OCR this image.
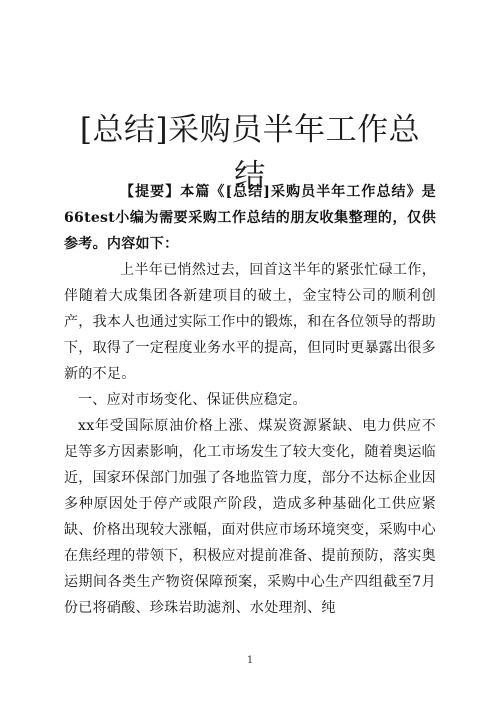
[总结]采购员半年工作总结

【提要】本篇《[总结]采购员半年工作总结》是66test小编为需要采购工作总结的朋友收集整理的，仅供参考。内容如下：

上半年已悄然过去，回首这半年的紧张忙碌工作，伴随着大成集团各新建项目的破土，金宝特公司的顺利创产，我本人也通过实际工作中的锻炼，和在各位领导的帮助下，取得了一定程度业务水平的提高，但同时更暴露出很多新的不足。

一、应对市场变化、保证供应稳定。

xx年受国际原油价格上涨、煤炭资源紧缺、电力供应不足等多方因素影响，化工市场发生了较大变化，随着奥运临近，国家环保部门加强了各地监管力度，部分不达标企业因多种原因处于停产或限产阶段，造成多种基础化工供应紧缺、价格出现较大涨幅，面对供应市场环境突变，采购中心在焦经理的带领下，积极应对提前准备、提前预防，落实奥运期间各类生产物资保障预案，采购中心生产四组截至7月份已将硝酸、珍珠岩助滤剂、水处理剂、纯

1
